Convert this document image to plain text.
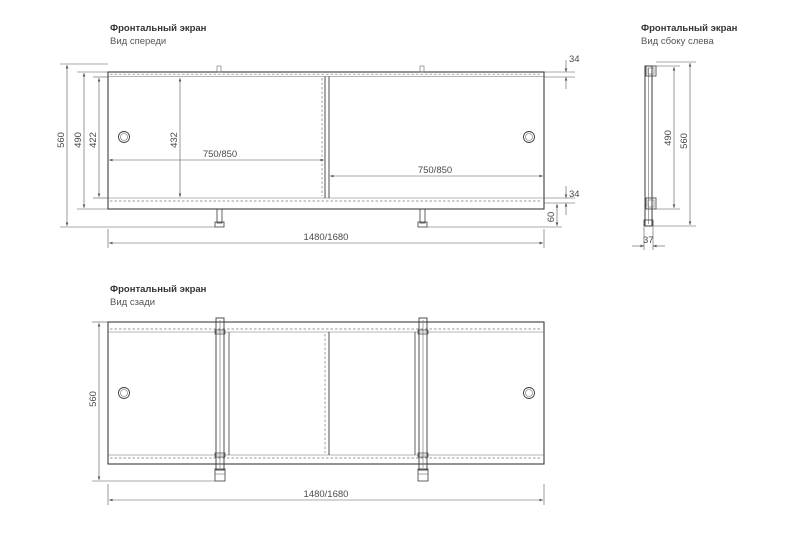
Фронтальный экран
Вид спереди
Фронтальный экран
Вид сбоку слева
Фронтальный экран
Вид сзади
560 490 422	432
750/850
750/850
34
34
60
1480/1680
490 560
37
560
1480/1680
